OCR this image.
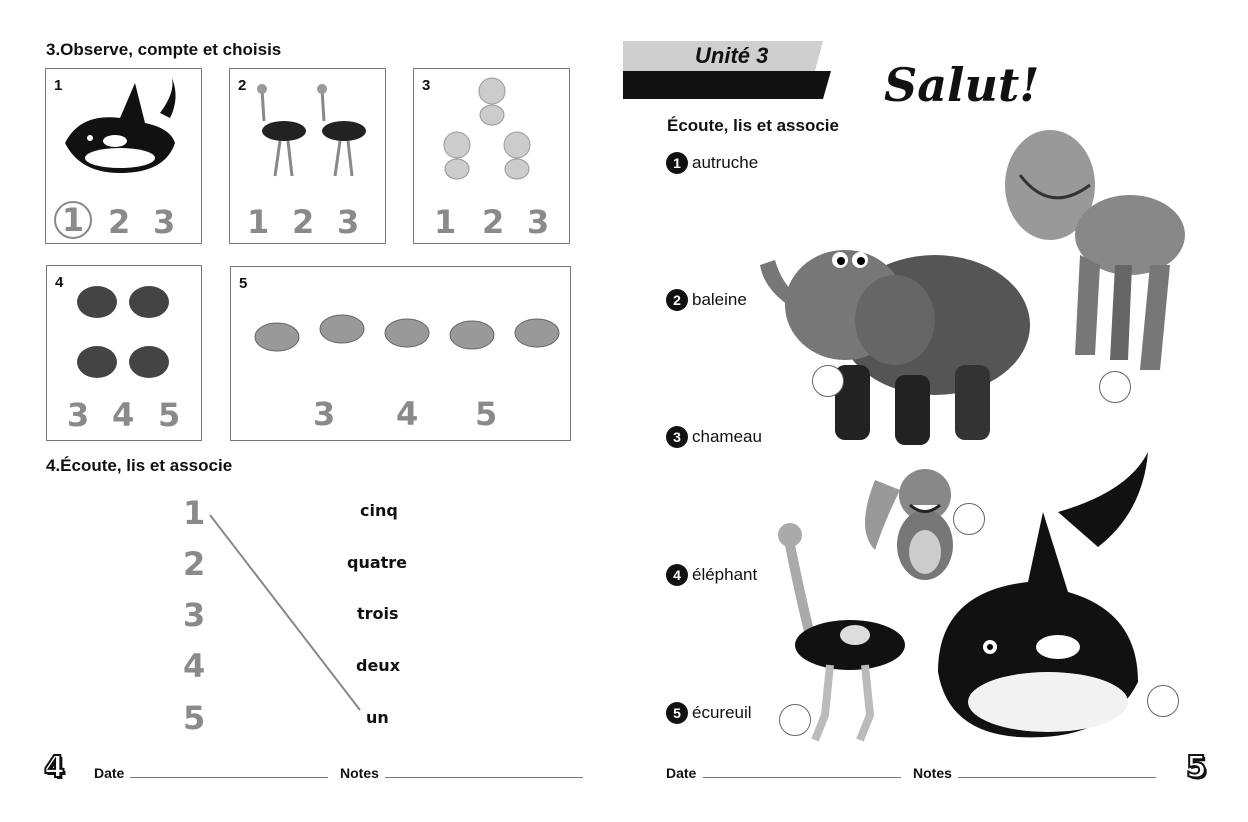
3.Observe, compte et choisis
1
1 2 3
2
1 2 3
3
1 2 3
4
3 4 5
5
3 4 5
4.Écoute, lis et associe
1
2
3
4
5
cinq
quatre
trois
deux
un
4 Date	Notes
Unité 3
Salut!
Écoute, lis et associe
1 autruche
2 baleine
3 chameau
4 éléphant
5 écureuil
Date	Notes	5
